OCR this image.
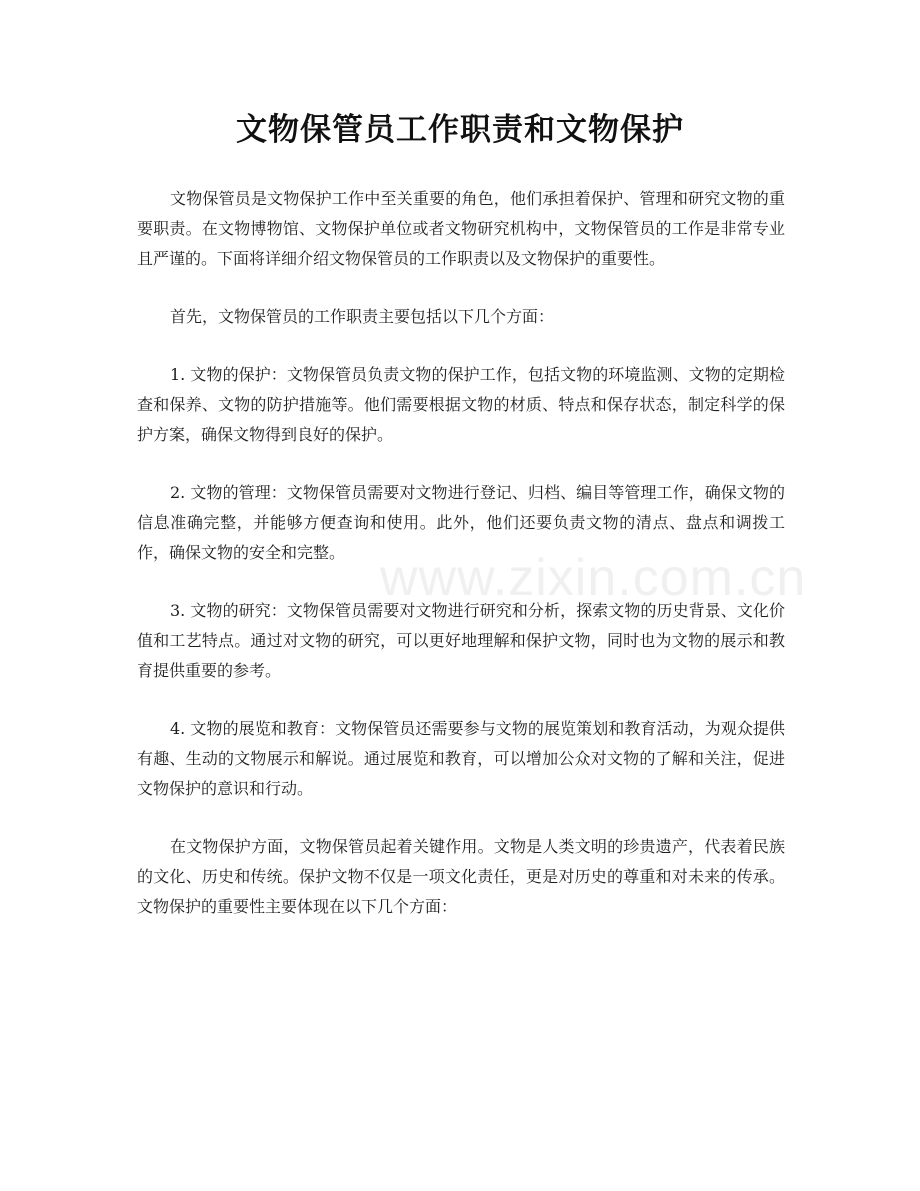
文物保管员工作职责和文物保护

文物保管员是文物保护工作中至关重要的角色，他们承担着保护、管理和研究文物的重要职责。在文物博物馆、文物保护单位或者文物研究机构中，文物保管员的工作是非常专业且严谨的。下面将详细介绍文物保管员的工作职责以及文物保护的重要性。

首先，文物保管员的工作职责主要包括以下几个方面：

1. 文物的保护：文物保管员负责文物的保护工作，包括文物的环境监测、文物的定期检查和保养、文物的防护措施等。他们需要根据文物的材质、特点和保存状态，制定科学的保护方案，确保文物得到良好的保护。

2. 文物的管理：文物保管员需要对文物进行登记、归档、编目等管理工作，确保文物的信息准确完整，并能够方便查询和使用。此外，他们还要负责文物的清点、盘点和调拨工作，确保文物的安全和完整。

3. 文物的研究：文物保管员需要对文物进行研究和分析，探索文物的历史背景、文化价值和工艺特点。通过对文物的研究，可以更好地理解和保护文物，同时也为文物的展示和教育提供重要的参考。

4. 文物的展览和教育：文物保管员还需要参与文物的展览策划和教育活动，为观众提供有趣、生动的文物展示和解说。通过展览和教育，可以增加公众对文物的了解和关注，促进文物保护的意识和行动。

在文物保护方面，文物保管员起着关键作用。文物是人类文明的珍贵遗产，代表着民族的文化、历史和传统。保护文物不仅是一项文化责任，更是对历史的尊重和对未来的传承。文物保护的重要性主要体现在以下几个方面：

www.zixin.com.cn
